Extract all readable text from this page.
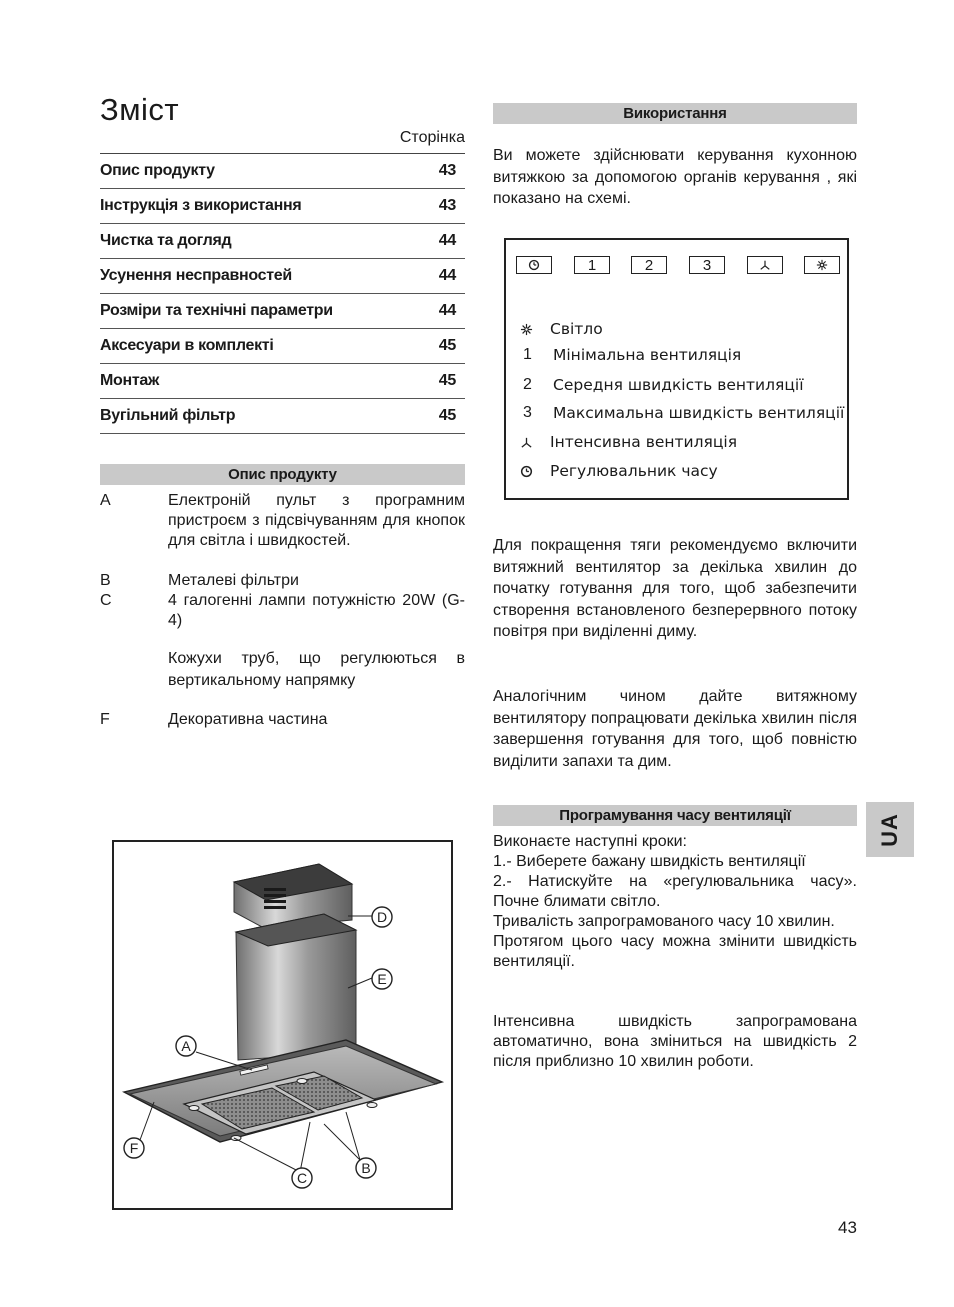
Зміст
Сторінка
Опис продукту	43
Інструкція з використання	43
Чистка та догляд	44
Усунення несправностей	44
Розміри та технічні параметри	44
Аксесуари в комплекті	45
Монтаж	45
Вугільний фільтр	45
Опис продукту
A	Електроній пульт з програмним пристроєм з підсвічуванням для кнопок для світла і швидкостей.
B	Металеві фільтри
C	4 галогенні лампи потужністю 20W (G-4)
Кожухи труб, що регулюються в вертикальному напрямку
F	Декоративна частина
D
E
A
F
C
B
Використання
Ви можете здійснювати керування кухонною витяжкою за допомогою органів керування , які показано на схемі.
1	2	3
Світло
1	Мінімальна вентиляція
2	Середня швидкість вентиляції
3	Максимальна швидкість вентиляції
Інтенсивна вентиляція
Регулювальник часу
Для покращення тяги рекомендуємо включити витяжний вентилятор за декілька хвилин до початку готування для того, щоб забезпечити створення встановленого безперервного потоку повітря при виділенні диму.
Аналогічним чином дайте витяжному вентилятору попрацювати декілька хвилин після завершення готування для того, щоб повністю виділити запахи та дим.
Програмування часу вентиляції
Виконаєте наступні кроки:
1.- Виберете бажану швидкість вентиляції
2.- Натискуйте на «регулювальника часу». Почне блимати світло.
Тривалість запрограмованого часу 10 хвилин.
Протягом цього часу можна змінити швидкість вентиляції.
Інтенсивна швидкість запрограмована автоматично, вона зміниться на швидкість 2 після приблизно 10 хвилин роботи.
UA
43
